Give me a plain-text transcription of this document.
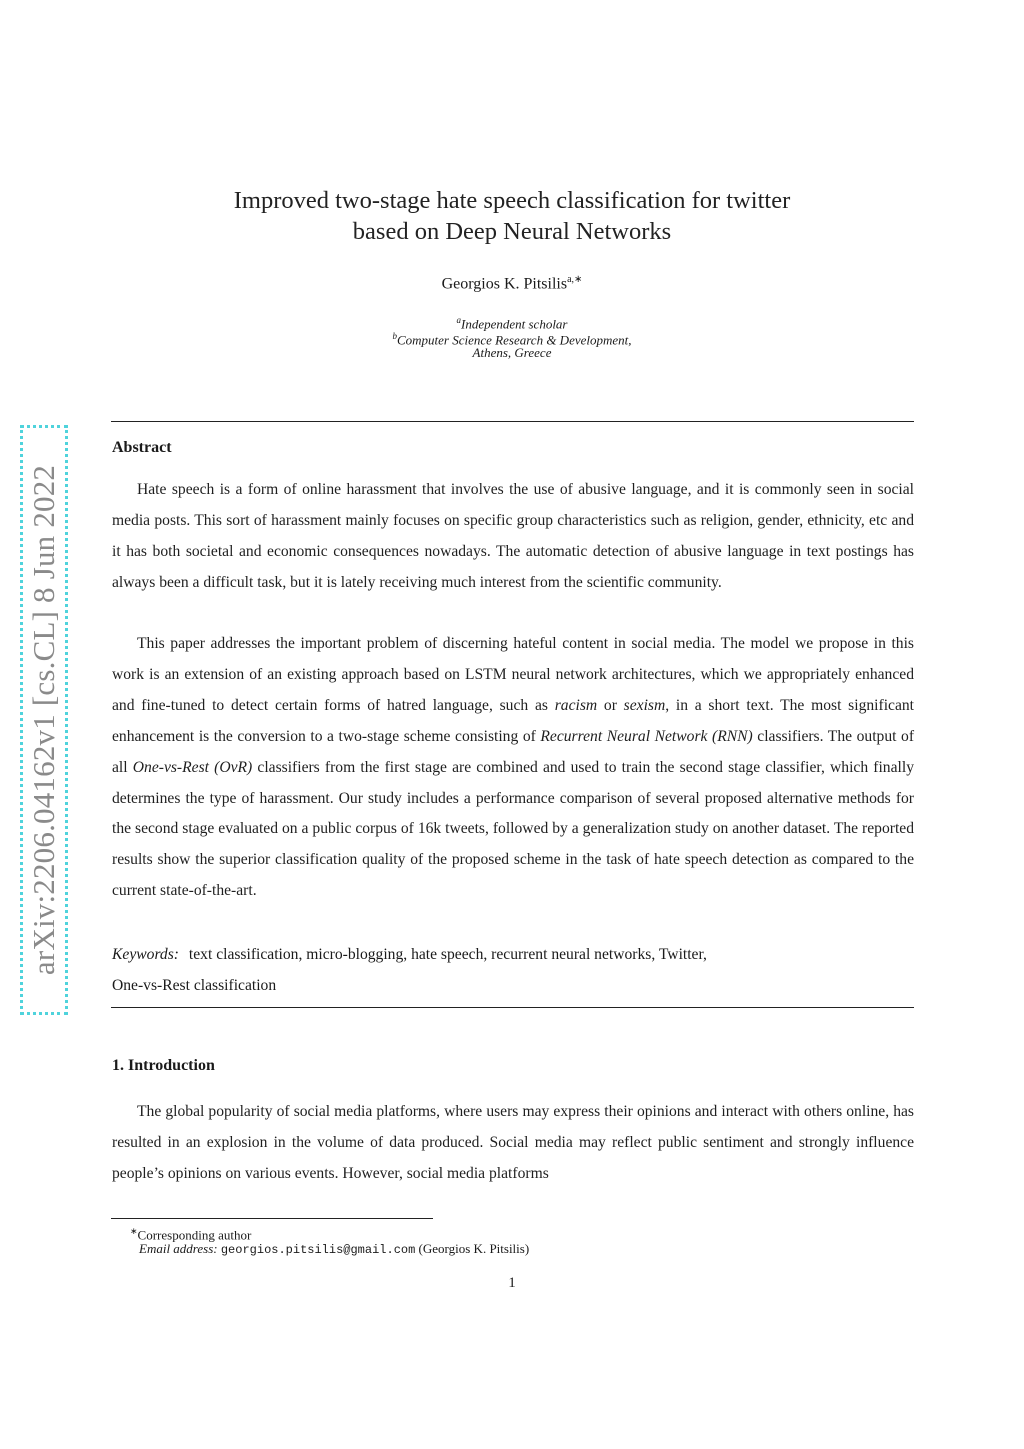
arXiv:2206.04162v1 [cs.CL] 8 Jun 2022
Improved two-stage hate speech classification for twitter
based on Deep Neural Networks
Georgios K. Pitsilis$^{a,∗}$
$^a$Independent scholar
$^b$Computer Science Research & Development,
Athens, Greece
Abstract

Hate speech is a form of online harassment that involves the use of abusive language, and it is commonly seen in social media posts. This sort of harassment mainly focuses on specific group characteristics such as religion, gender, ethnicity, etc and it has both societal and economic consequences nowadays. The automatic detection of abusive language in text postings has always been a difficult task, but it is lately receiving much interest from the scientific community.

This paper addresses the important problem of discerning hateful content in social media. The model we propose in this work is an extension of an existing approach based on LSTM neural network architectures, which we appropriately enhanced and fine-tuned to detect certain forms of hatred language, such as racism or sexism, in a short text. The most significant enhancement is the conversion to a two-stage scheme consisting of Recurrent Neural Network (RNN) classifiers. The output of all One-vs-Rest (OvR) classifiers from the first stage are combined and used to train the second stage classifier, which finally determines the type of harassment. Our study includes a performance comparison of several proposed alternative methods for the second stage evaluated on a public corpus of 16k tweets, followed by a generalization study on another dataset. The reported results show the superior classification quality of the proposed scheme in the task of hate speech detection as compared to the current state-of-the-art.

Keywords: text classification, micro-blogging, hate speech, recurrent neural networks, Twitter,
One-vs-Rest classification
1. Introduction

The global popularity of social media platforms, where users may express their opinions and interact with others online, has resulted in an explosion in the volume of data produced. Social media may reflect public sentiment and strongly influence people’s opinions on various events. However, social media platforms

∗Corresponding author
Email address: georgios.pitsilis@gmail.com (Georgios K. Pitsilis)
1
